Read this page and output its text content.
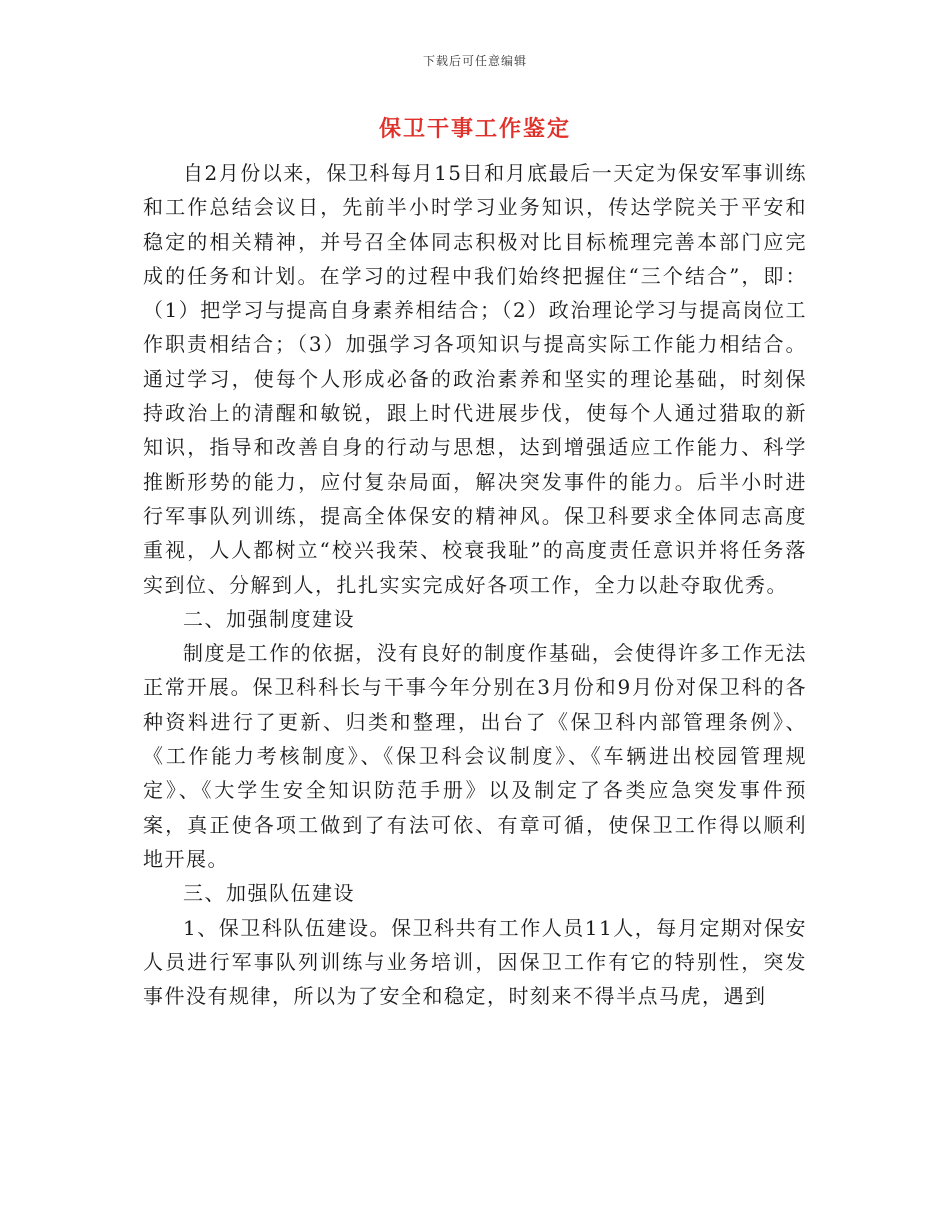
下载后可任意编辑
保卫干事工作鉴定

自2月份以来，保卫科每月15日和月底最后一天定为保安军事训练和工作总结会议日，先前半小时学习业务知识，传达学院关于平安和稳定的相关精神，并号召全体同志积极对比目标梳理完善本部门应完成的任务和计划。在学习的过程中我们始终把握住“三个结合”，即：（1）把学习与提高自身素养相结合；（2）政治理论学习与提高岗位工作职责相结合；（3）加强学习各项知识与提高实际工作能力相结合。通过学习，使每个人形成必备的政治素养和坚实的理论基础，时刻保持政治上的清醒和敏锐，跟上时代进展步伐，使每个人通过猎取的新知识，指导和改善自身的行动与思想，达到增强适应工作能力、科学推断形势的能力，应付复杂局面，解决突发事件的能力。后半小时进行军事队列训练，提高全体保安的精神风。保卫科要求全体同志高度重视，人人都树立“校兴我荣、校衰我耻”的高度责任意识并将任务落实到位、分解到人，扎扎实实完成好各项工作，全力以赴夺取优秀。

二、加强制度建设

制度是工作的依据，没有良好的制度作基础，会使得许多工作无法正常开展。保卫科科长与干事今年分别在3月份和9月份对保卫科的各种资料进行了更新、归类和整理，出台了《保卫科内部管理条例》、《工作能力考核制度》、《保卫科会议制度》、《车辆进出校园管理规定》、《大学生安全知识防范手册》以及制定了各类应急突发事件预案，真正使各项工做到了有法可依、有章可循，使保卫工作得以顺利地开展。

三、加强队伍建设

1、保卫科队伍建设。保卫科共有工作人员11人，每月定期对保安人员进行军事队列训练与业务培训，因保卫工作有它的特别性，突发事件没有规律，所以为了安全和稳定，时刻来不得半点马虎，遇到
